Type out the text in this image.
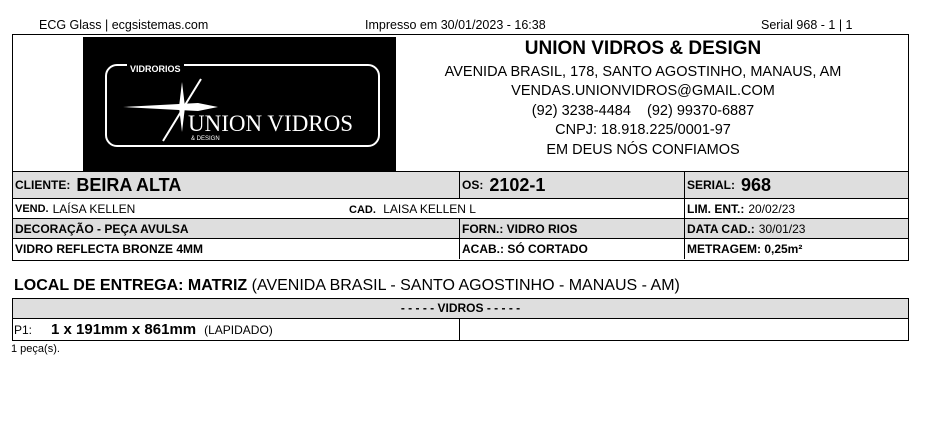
ECG Glass | ecgsistemas.com	Impresso em 30/01/2023 - 16:38	Serial 968 - 1 | 1
VIDRORIOS
UNION VIDROS
& DESIGN
UNION VIDROS & DESIGN
AVENIDA BRASIL, 178, SANTO AGOSTINHO, MANAUS, AM
VENDAS.UNIONVIDROS@GMAIL.COM
(92) 3238-4484    (92) 99370-6887
CNPJ: 18.918.225/0001-97
EM DEUS NÓS CONFIAMOS
CLIENTE: BEIRA ALTA	OS: 2102-1	SERIAL: 968
VEND. LAÍSA KELLEN	CAD. LAISA KELLEN L	LIM. ENT.: 20/02/23
DECORAÇÃO - PEÇA AVULSA	FORN.: VIDRO RIOS	DATA CAD.: 30/01/23
VIDRO REFLECTA BRONZE 4MM	ACAB.: SÓ CORTADO	METRAGEM: 0,25m²
LOCAL DE ENTREGA: MATRIZ (AVENIDA BRASIL - SANTO AGOSTINHO - MANAUS - AM)
- - - - - VIDROS - - - - -
P1: 1 x 191mm x 861mm (LAPIDADO)
1 peça(s).
